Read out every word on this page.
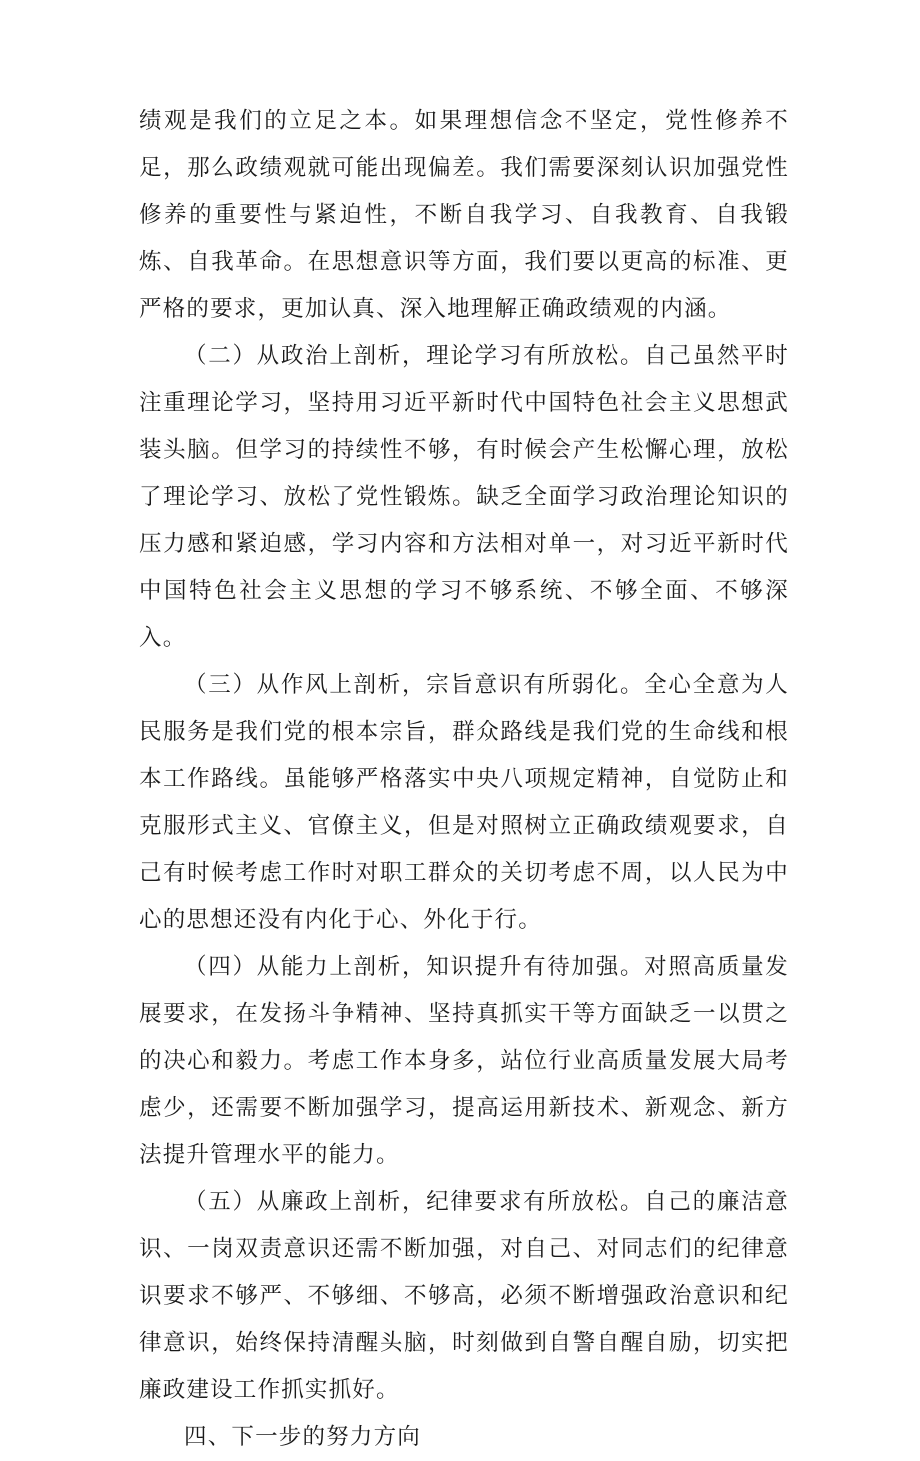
绩观是我们的立足之本。如果理想信念不坚定，党性修养不足，那么政绩观就可能出现偏差。我们需要深刻认识加强党性修养的重要性与紧迫性，不断自我学习、自我教育、自我锻炼、自我革命。在思想意识等方面，我们要以更高的标准、更严格的要求，更加认真、深入地理解正确政绩观的内涵。

（二）从政治上剖析，理论学习有所放松。自己虽然平时注重理论学习，坚持用习近平新时代中国特色社会主义思想武装头脑。但学习的持续性不够，有时候会产生松懈心理，放松了理论学习、放松了党性锻炼。缺乏全面学习政治理论知识的压力感和紧迫感，学习内容和方法相对单一，对习近平新时代中国特色社会主义思想的学习不够系统、不够全面、不够深入。

（三）从作风上剖析，宗旨意识有所弱化。全心全意为人民服务是我们党的根本宗旨，群众路线是我们党的生命线和根本工作路线。虽能够严格落实中央八项规定精神，自觉防止和克服形式主义、官僚主义，但是对照树立正确政绩观要求，自己有时候考虑工作时对职工群众的关切考虑不周，以人民为中心的思想还没有内化于心、外化于行。

（四）从能力上剖析，知识提升有待加强。对照高质量发展要求，在发扬斗争精神、坚持真抓实干等方面缺乏一以贯之的决心和毅力。考虑工作本身多，站位行业高质量发展大局考虑少，还需要不断加强学习，提高运用新技术、新观念、新方法提升管理水平的能力。

（五）从廉政上剖析，纪律要求有所放松。自己的廉洁意识、一岗双责意识还需不断加强，对自己、对同志们的纪律意识要求不够严、不够细、不够高，必须不断增强政治意识和纪律意识，始终保持清醒头脑，时刻做到自警自醒自励，切实把廉政建设工作抓实抓好。

四、下一步的努力方向
